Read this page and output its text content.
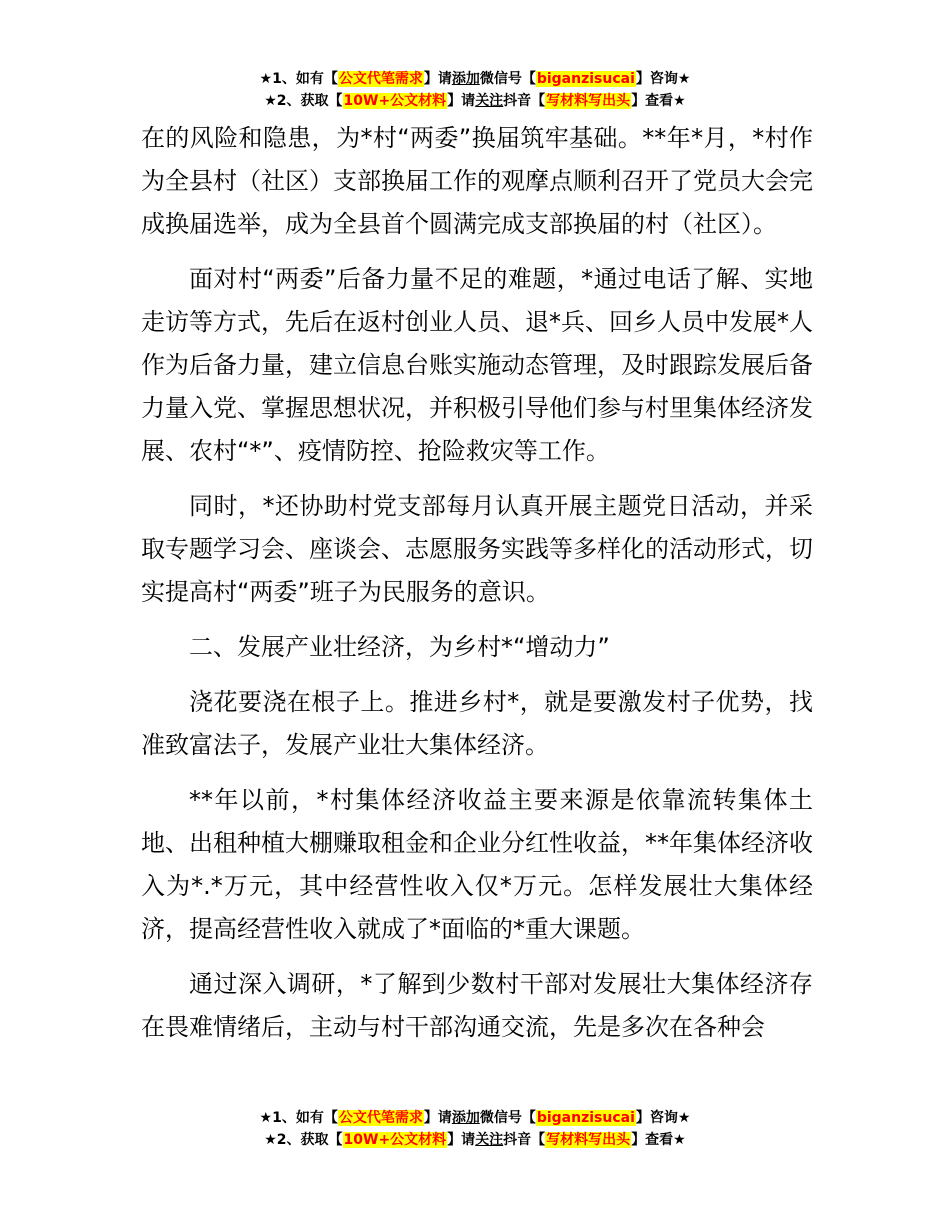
★1、如有【公文代笔需求】请添加微信号【biganzisucai】咨询★
★2、获取【10W+公文材料】请关注抖音【写材料写出头】查看★

在的风险和隐患，为*村“两委”换届筑牢基础。**年*月，*村作为全县村（社区）支部换届工作的观摩点顺利召开了党员大会完成换届选举，成为全县首个圆满完成支部换届的村（社区）。

面对村“两委”后备力量不足的难题，*通过电话了解、实地走访等方式，先后在返村创业人员、退*兵、回乡人员中发展*人作为后备力量，建立信息台账实施动态管理，及时跟踪发展后备力量入党、掌握思想状况，并积极引导他们参与村里集体经济发展、农村“*”、疫情防控、抢险救灾等工作。

同时，*还协助村党支部每月认真开展主题党日活动，并采取专题学习会、座谈会、志愿服务实践等多样化的活动形式，切实提高村“两委”班子为民服务的意识。

二、发展产业壮经济，为乡村*“增动力”

浇花要浇在根子上。推进乡村*，就是要激发村子优势，找准致富法子，发展产业壮大集体经济。

**年以前，*村集体经济收益主要来源是依靠流转集体土地、出租种植大棚赚取租金和企业分红性收益，**年集体经济收入为*.*万元，其中经营性收入仅*万元。怎样发展壮大集体经济，提高经营性收入就成了*面临的*重大课题。

通过深入调研，*了解到少数村干部对发展壮大集体经济存在畏难情绪后，主动与村干部沟通交流，先是多次在各种会

★1、如有【公文代笔需求】请添加微信号【biganzisucai】咨询★
★2、获取【10W+公文材料】请关注抖音【写材料写出头】查看★
